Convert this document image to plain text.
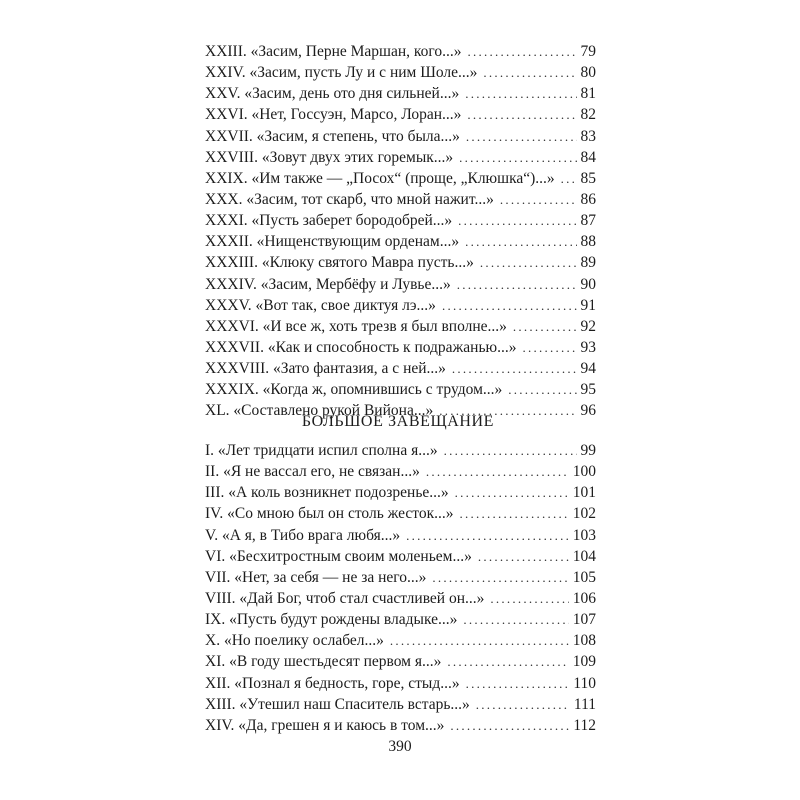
XXIII. «Засим, Перне Маршан, кого...» . . .	79
XXIV. «Засим, пусть Лу и с ним Шоле...» . . .	80
XXV. «Засим, день ото дня сильней...» . . .	81
XXVI. «Нет, Госсуэн, Марсо, Лоран...» . . .	82
XXVII. «Засим, я степень, что была...» . . .	83
XXVIII. «Зовут двух этих горемык...» . . .	84
XXIX. «Им также — „Посох“ (проще, „Клюшка“)...» . . . 85
XXX. «Засим, тот скарб, что мной нажит...» . . .	86
XXXI. «Пусть заберет бородобрей...» . . .	87
XXXII. «Нищенствующим орденам...» . . .	88
XXXIII. «Клюку святого Мавра пусть...» . . .	89
XXXIV. «Засим, Мербёфу и Лувье...» . . .	90
XXXV. «Вот так, свое диктуя лэ...» . . .	91
XXXVI. «И все ж, хоть трезв я был вполне...» . . .	92
XXXVII. «Как и способность к подражанью...» . . .	93
XXXVIII. «Зато фантазия, а с ней...» . . .	94
XXXIX. «Когда ж, опомнившись с трудом...» . . .	95
XL. «Составлено рукой Вийона...» . . .	96
БОЛЬШОЕ ЗАВЕЩАНИЕ
I. «Лет тридцати испил сполна я...» . . .	99
II. «Я не вассал его, не связан...» . . .	100
III. «А коль возникнет подозренье...» . . .	101
IV. «Со мною был он столь жесток...» . . .	102
V. «А я, в Тибо врага любя...» . . .	103
VI. «Бесхитростным своим моленьем...» . . .	104
VII. «Нет, за себя — не за него...» . . .	105
VIII. «Дай Бог, чтоб стал счастливей он...» . . .	106
IX. «Пусть будут рождены владыке...» . . .	107
X. «Но поелику ослабел...» . . .	108
XI. «В году шестьдесят первом я...» . . .	109
XII. «Познал я бедность, горе, стыд...» . . .	110
XIII. «Утешил наш Спаситель встарь...» . . .	111
XIV. «Да, грешен я и каюсь в том...» . . .	112
390
